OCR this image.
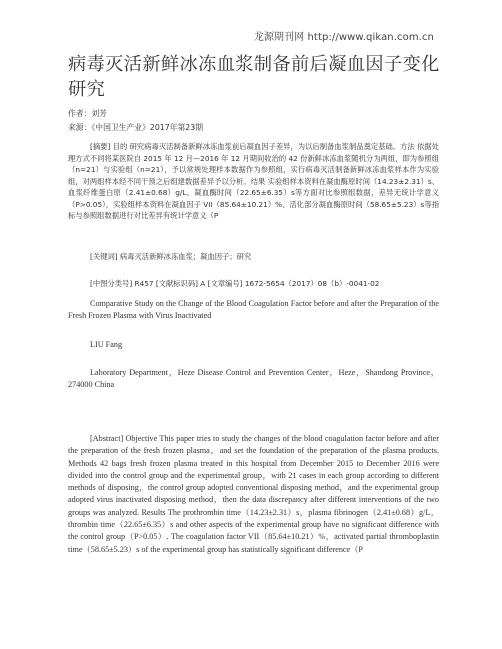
龙源期刊网 http://www.qikan.com.cn
病毒灭活新鲜冰冻血浆制备前后凝血因子变化研究
作者：刘芳
来源：《中国卫生产业》2017年第23期

[摘要] 目的 研究病毒灭活制备新鲜冰冻血浆前后凝血因子差异，为以后制备血浆制品奠定基础。方法 依据处理方式不同将某医院自 2015 年 12 月—2016 年 12 月期间收治的 42 份新鲜冰冻血浆随机分为两组，即为参照组（n=21）与实验组（n=21），予以常规处理样本数据作为参照组，实行病毒灭活制备新鲜冰冻血浆样本作为实验组，对两组样本经不同干预之后组建数据差异予以分析。结果 实验组样本资料在凝血酶原时间（14.23±2.31）s、血浆纤维蛋白原（2.41±0.68）g/L、凝血酶时间（22.65±6.35）s等方面对比参照组数据，差异无统计学意义（P>0.05），实验组样本资料在凝血因子 VII（85.64±10.21）%、活化部分凝血酶原时间（58.65±5.23）s等指标与参照组数据进行对比差异有统计学意义（P

[关键词] 病毒灭活新鲜冰冻血浆；凝血因子；研究

[中图分类号] R457 [文献标识码] A [文章编号] 1672-5654（2017）08（b）-0041-02

Comparative Study on the Change of the Blood Coagulation Factor before and after the Preparation of the Fresh Frozen Plasma with Virus Inactivated

LIU Fang

Laboratory Department，Heze Disease Control and Prevention Center，Heze，Shandong Province，274000 China

[Abstract] Objective This paper tries to study the changes of the blood coagulation factor before and after the preparation of the fresh frozen plasma，and set the foundation of the preparation of the plasma products. Methods 42 bags fresh frozen plasma treated in this hospital from December 2015 to December 2016 were divided into the control group and the experimental group，with 21 cases in each group according to different methods of disposing，the control group adopted conventional disposing method，and the experimental group adopted virus inactivated disposing method，then the data discrepancy after different interventions of the two groups was analyzed. Results The prothrombin time（14.23±2.31）s，plasma fibrinogen（2.41±0.68）g/L，thrombin time（22.65±6.35）s and other aspects of the experimental group have no significant difference with the control group（P>0.05）. The coagulation factor VII（85.64±10.21）%，activated partial thromboplastin time（58.65±5.23）s of the experimental group has statistically significant difference（P
